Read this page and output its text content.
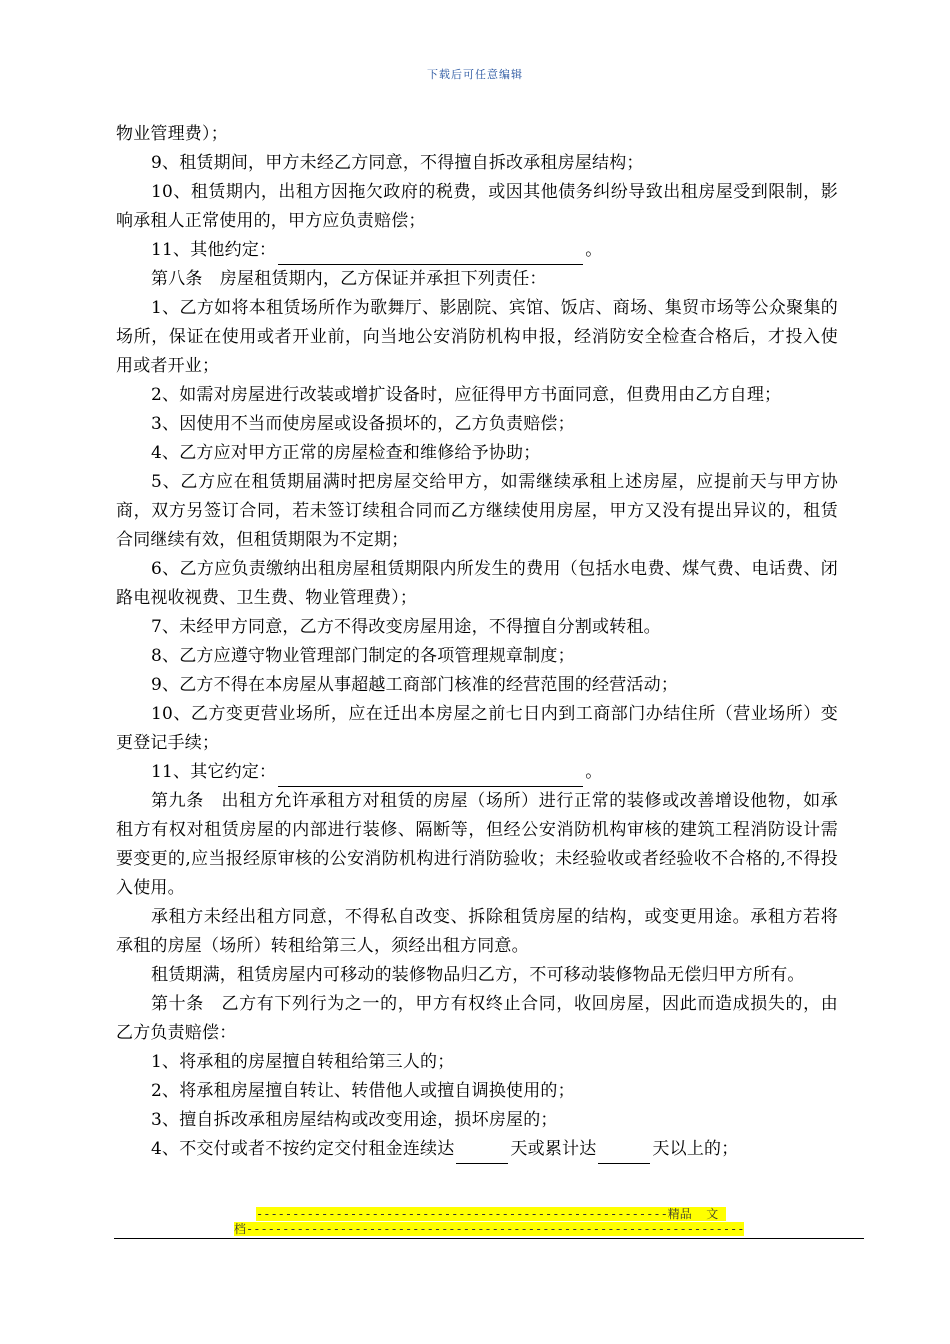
下载后可任意编辑

物业管理费）；

9、租赁期间，甲方未经乙方同意，不得擅自拆改承租房屋结构；

10、租赁期内，出租方因拖欠政府的税费，或因其他债务纠纷导致出租房屋受到限制，影响承租人正常使用的，甲方应负责赔偿；

11、其他约定：	。

第八条　房屋租赁期内，乙方保证并承担下列责任：

1、乙方如将本租赁场所作为歌舞厅、影剧院、宾馆、饭店、商场、集贸市场等公众聚集的场所，保证在使用或者开业前，向当地公安消防机构申报，经消防安全检查合格后，才投入使用或者开业；

2、如需对房屋进行改装或增扩设备时，应征得甲方书面同意，但费用由乙方自理；

3、因使用不当而使房屋或设备损坏的，乙方负责赔偿；

4、乙方应对甲方正常的房屋检查和维修给予协助；

5、乙方应在租赁期届满时把房屋交给甲方，如需继续承租上述房屋，应提前天与甲方协商，双方另签订合同，若未签订续租合同而乙方继续使用房屋，甲方又没有提出异议的，租赁合同继续有效，但租赁期限为不定期；

6、乙方应负责缴纳出租房屋租赁期限内所发生的费用（包括水电费、煤气费、电话费、闭路电视收视费、卫生费、物业管理费）；

7、未经甲方同意，乙方不得改变房屋用途，不得擅自分割或转租。

8、乙方应遵守物业管理部门制定的各项管理规章制度；

9、乙方不得在本房屋从事超越工商部门核准的经营范围的经营活动；

10、乙方变更营业场所，应在迁出本房屋之前七日内到工商部门办结住所（营业场所）变更登记手续；

11、其它约定：	。

第九条　出租方允许承租方对租赁的房屋（场所）进行正常的装修或改善增设他物，如承租方有权对租赁房屋的内部进行装修、隔断等，但经公安消防机构审核的建筑工程消防设计需要变更的,应当报经原审核的公安消防机构进行消防验收；未经验收或者经验收不合格的,不得投入使用。

承租方未经出租方同意，不得私自改变、拆除租赁房屋的结构，或变更用途。承租方若将承租的房屋（场所）转租给第三人，须经出租方同意。

租赁期满，租赁房屋内可移动的装修物品归乙方，不可移动装修物品无偿归甲方所有。

第十条　乙方有下列行为之一的，甲方有权终止合同，收回房屋，因此而造成损失的，由乙方负责赔偿：

1、将承租的房屋擅自转租给第三人的；

2、将承租房屋擅自转让、转借他人或擅自调换使用的；

3、擅自拆改承租房屋结构或改变用途，损坏房屋的；

4、不交付或者不按约定交付租金连续达	天或累计达	天以上的；

---------------------------------------------------------精品  文
档---------------------------------------------------------------------
